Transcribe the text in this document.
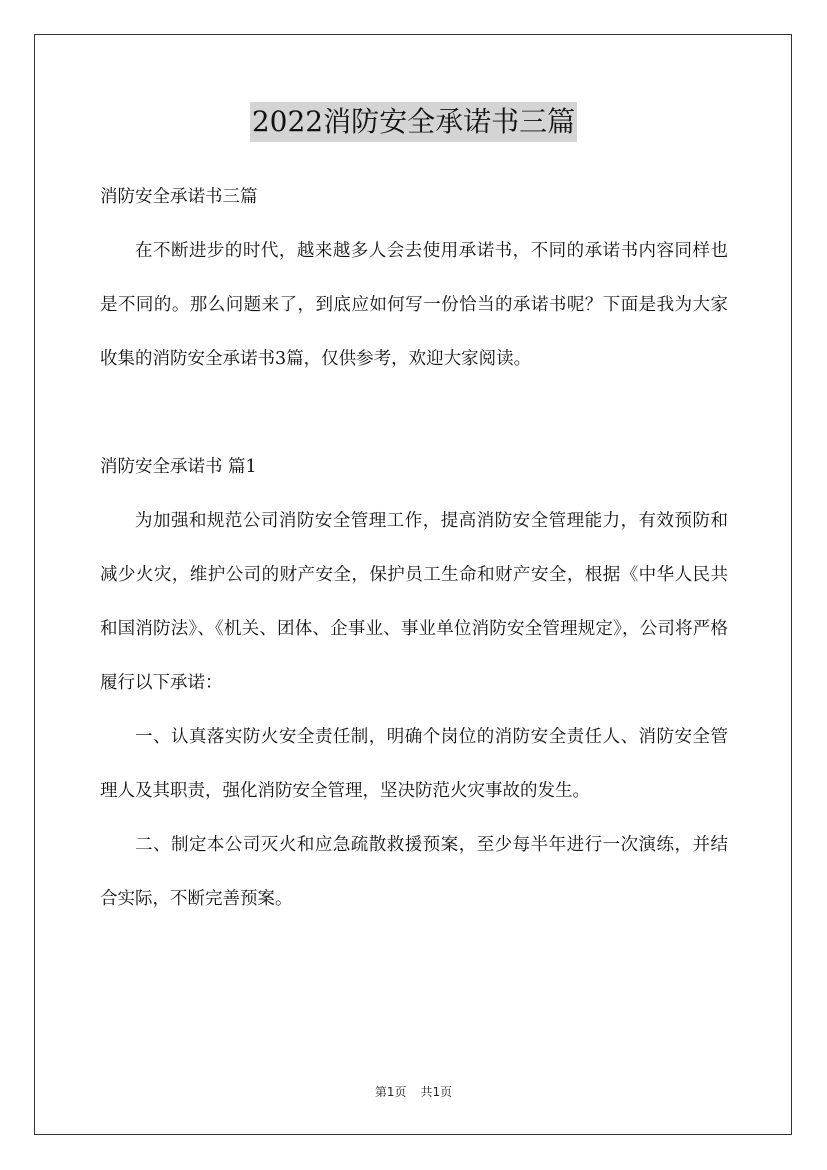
2022消防安全承诺书三篇

消防安全承诺书三篇

在不断进步的时代，越来越多人会去使用承诺书，不同的承诺书内容同样也是不同的。那么问题来了，到底应如何写一份恰当的承诺书呢？下面是我为大家收集的消防安全承诺书3篇，仅供参考，欢迎大家阅读。

消防安全承诺书 篇1

为加强和规范公司消防安全管理工作，提高消防安全管理能力，有效预防和减少火灾，维护公司的财产安全，保护员工生命和财产安全，根据《中华人民共和国消防法》、《机关、团体、企事业、事业单位消防安全管理规定》，公司将严格履行以下承诺：

一、认真落实防火安全责任制，明确个岗位的消防安全责任人、消防安全管理人及其职责，强化消防安全管理，坚决防范火灾事故的发生。

二、制定本公司灭火和应急疏散救援预案，至少每半年进行一次演练，并结合实际，不断完善预案。

第1页 共1页
